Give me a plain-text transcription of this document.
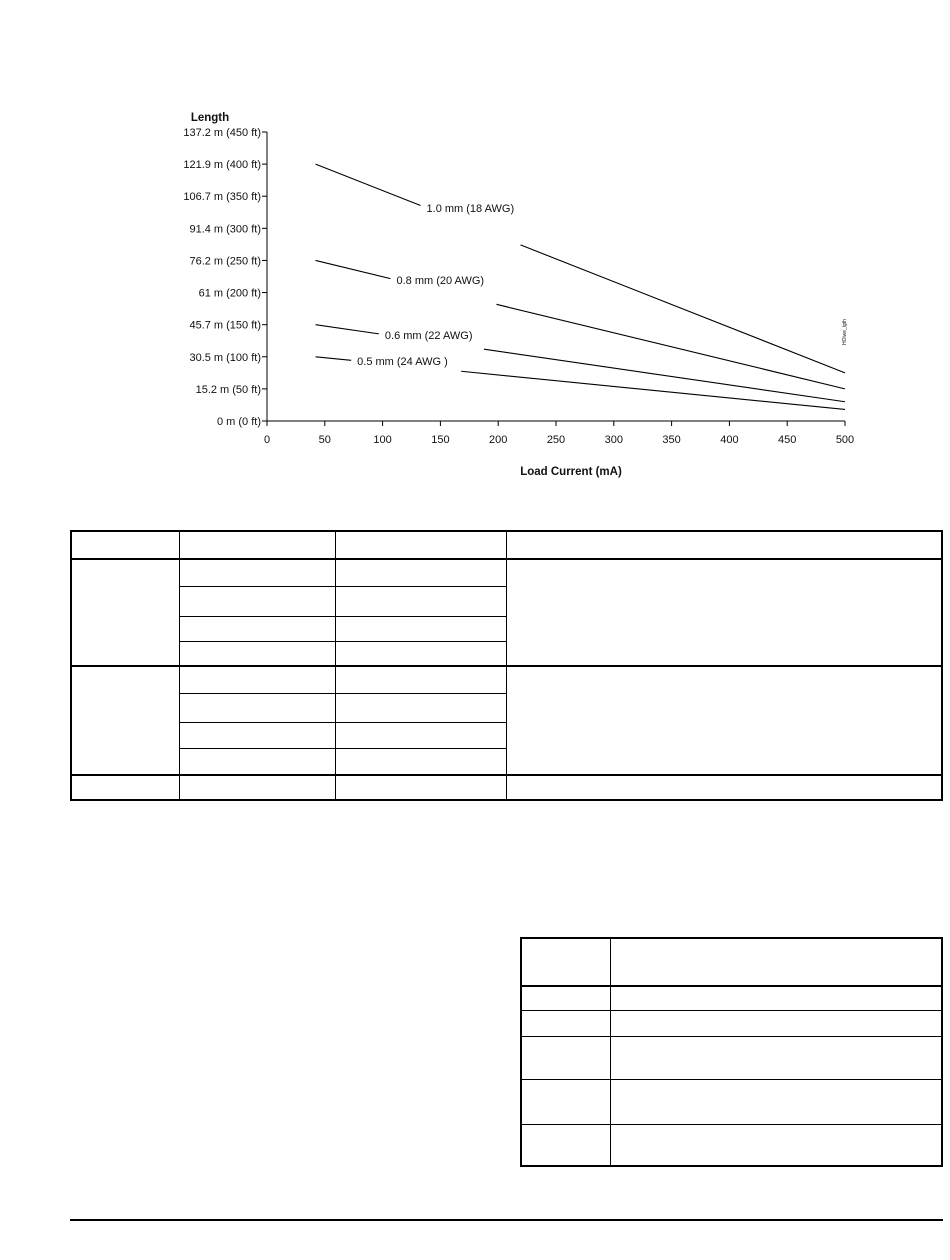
Length
Load Current (mA)
0 m (0 ft)
15.2 m (50 ft)
30.5 m (100 ft)
45.7 m (150 ft)
61 m (200 ft)
76.2 m (250 ft)
91.4 m (300 ft)
106.7 m (350 ft)
121.9 m (400 ft)
137.2 m (450 ft)
0	50	100	150	200	250	300	350	400	450	500
1.0 mm (18 AWG)
0.8 mm (20 AWG)
0.6 mm (22 AWG)
0.5 mm (24 AWG )
HOiwe_lgth
